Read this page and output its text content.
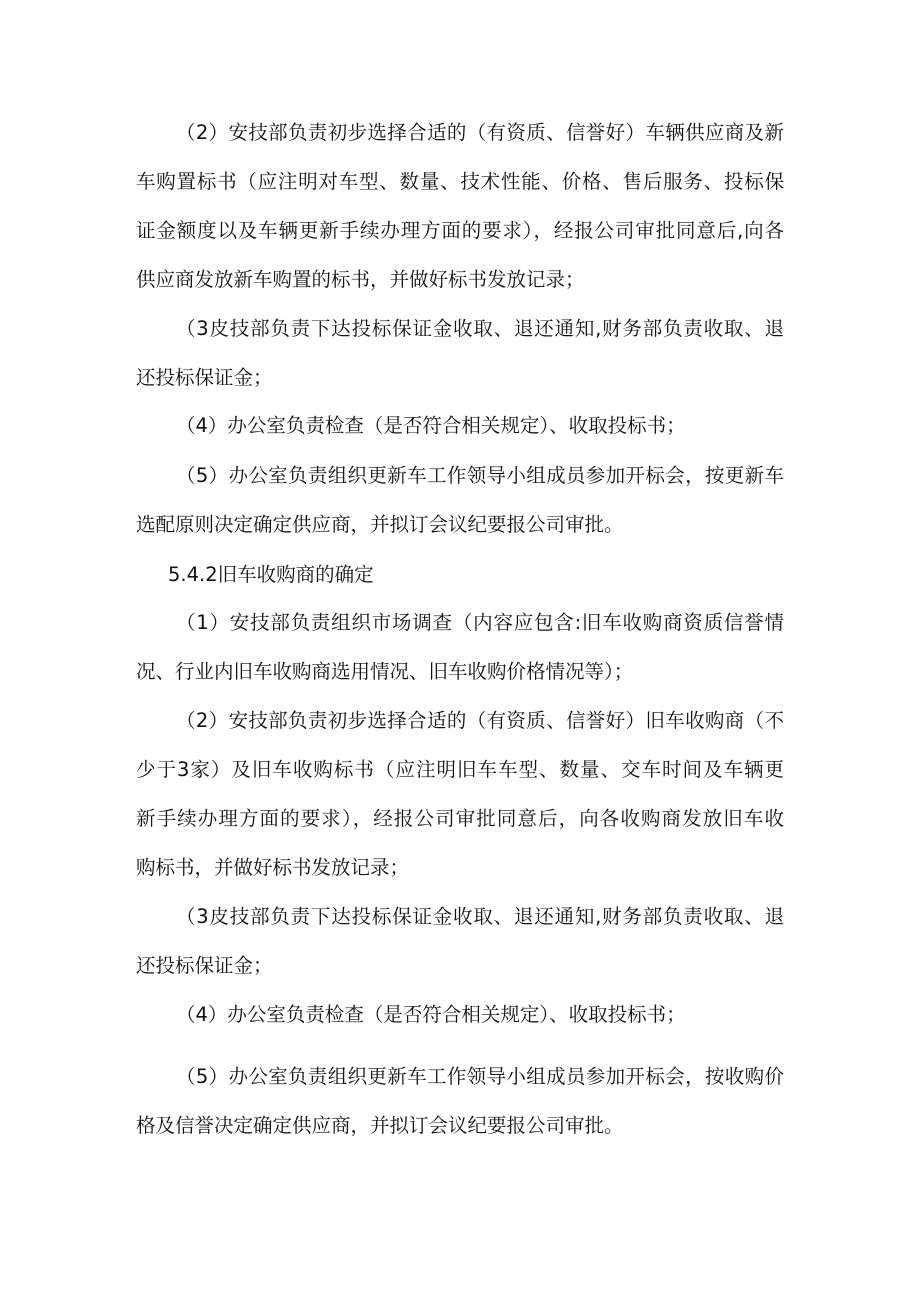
（2）安技部负责初步选择合适的（有资质、信誉好）车辆供应商及新
车购置标书（应注明对车型、数量、技术性能、价格、售后服务、投标保
证金额度以及车辆更新手续办理方面的要求），经报公司审批同意后,向各
供应商发放新车购置的标书，并做好标书发放记录；
（3皮技部负责下达投标保证金收取、退还通知,财务部负责收取、退
还投标保证金；
（4）办公室负责检查（是否符合相关规定）、收取投标书；
（5）办公室负责组织更新车工作领导小组成员参加开标会，按更新车
选配原则决定确定供应商，并拟订会议纪要报公司审批。
5.4.2旧车收购商的确定
（1）安技部负责组织市场调查（内容应包含:旧车收购商资质信誉情
况、行业内旧车收购商选用情况、旧车收购价格情况等）；
（2）安技部负责初步选择合适的（有资质、信誉好）旧车收购商（不
少于3家）及旧车收购标书（应注明旧车车型、数量、交车时间及车辆更
新手续办理方面的要求），经报公司审批同意后，向各收购商发放旧车收
购标书，并做好标书发放记录；
（3皮技部负责下达投标保证金收取、退还通知,财务部负责收取、退
还投标保证金；
（4）办公室负责检查（是否符合相关规定）、收取投标书；
（5）办公室负责组织更新车工作领导小组成员参加开标会，按收购价
格及信誉决定确定供应商，并拟订会议纪要报公司审批。
